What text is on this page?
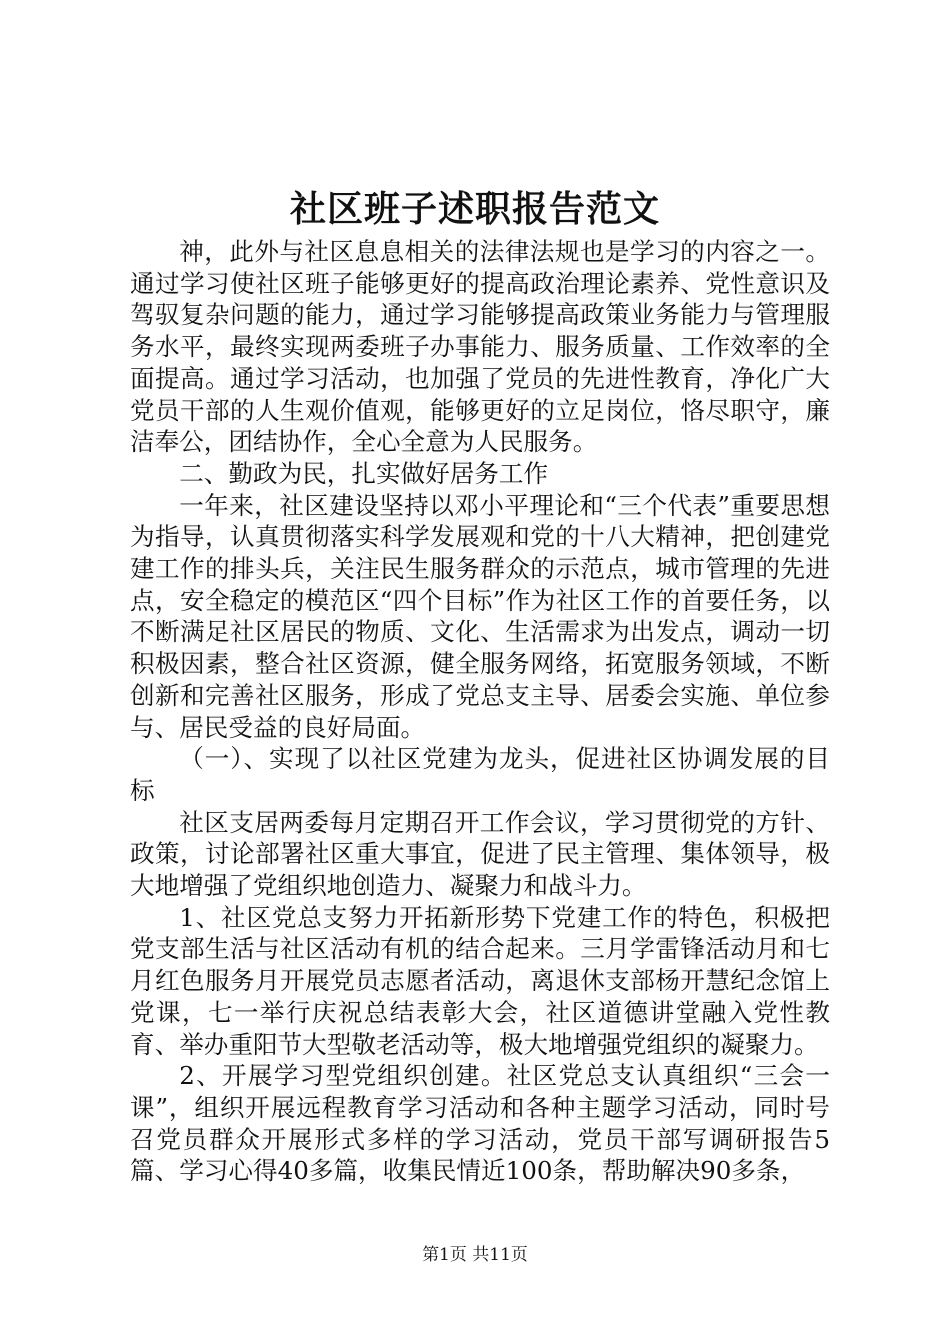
社区班子述职报告范文

神，此外与社区息息相关的法律法规也是学习的内容之一。通过学习使社区班子能够更好的提高政治理论素养、党性意识及驾驭复杂问题的能力，通过学习能够提高政策业务能力与管理服务水平，最终实现两委班子办事能力、服务质量、工作效率的全面提高。通过学习活动，也加强了党员的先进性教育，净化广大党员干部的人生观价值观，能够更好的立足岗位，恪尽职守，廉洁奉公，团结协作，全心全意为人民服务。

二、勤政为民，扎实做好居务工作

一年来，社区建设坚持以邓小平理论和“三个代表”重要思想为指导，认真贯彻落实科学发展观和党的十八大精神，把创建党建工作的排头兵，关注民生服务群众的示范点，城市管理的先进点，安全稳定的模范区“四个目标”作为社区工作的首要任务，以不断满足社区居民的物质、文化、生活需求为出发点，调动一切积极因素，整合社区资源，健全服务网络，拓宽服务领域，不断创新和完善社区服务，形成了党总支主导、居委会实施、单位参与、居民受益的良好局面。

（一）、实现了以社区党建为龙头，促进社区协调发展的目标

社区支居两委每月定期召开工作会议，学习贯彻党的方针、政策，讨论部署社区重大事宜，促进了民主管理、集体领导，极大地增强了党组织地创造力、凝聚力和战斗力。

1、社区党总支努力开拓新形势下党建工作的特色，积极把党支部生活与社区活动有机的结合起来。三月学雷锋活动月和七月红色服务月开展党员志愿者活动，离退休支部杨开慧纪念馆上党课，七一举行庆祝总结表彰大会，社区道德讲堂融入党性教育、举办重阳节大型敬老活动等，极大地增强党组织的凝聚力。

2、开展学习型党组织创建。社区党总支认真组织“三会一课”，组织开展远程教育学习活动和各种主题学习活动，同时号召党员群众开展形式多样的学习活动，党员干部写调研报告5篇、学习心得40多篇，收集民情近100条，帮助解决90多条，

第1页 共11页
